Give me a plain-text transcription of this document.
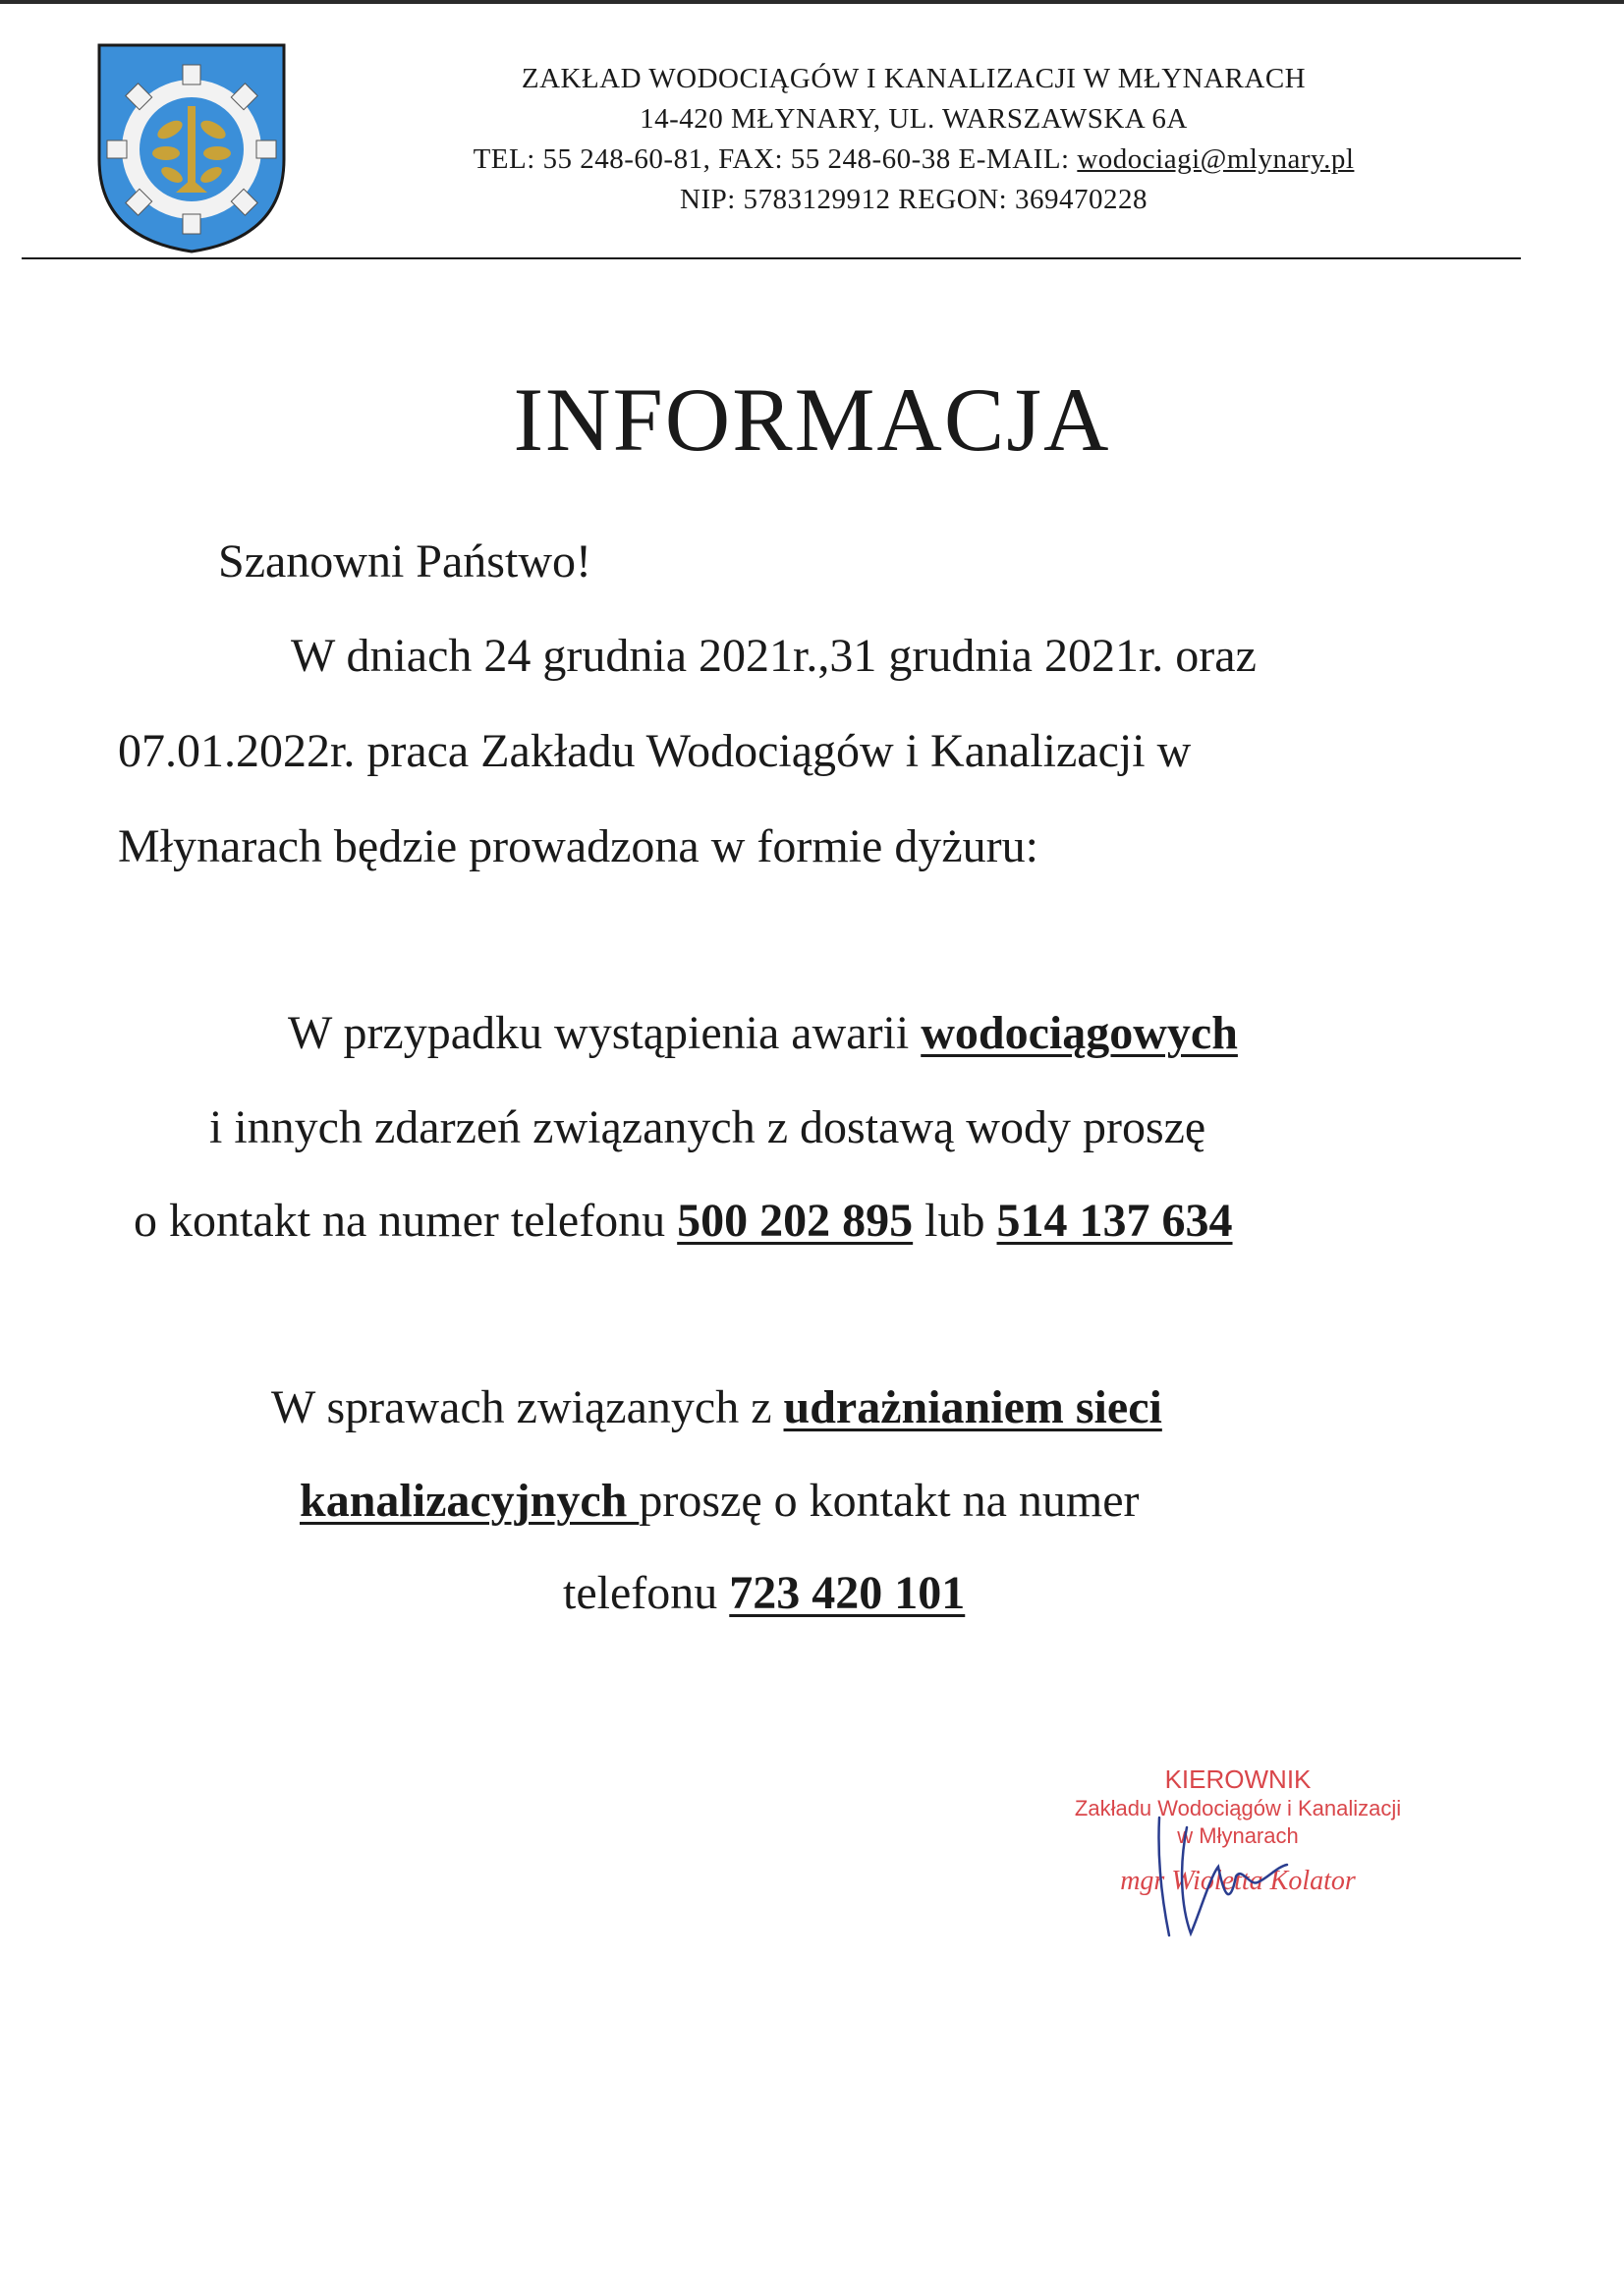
ZAKŁAD WODOCIĄGÓW I KANALIZACJI W MŁYNARACH
14-420 MŁYNARY, UL. WARSZAWSKA 6A
TEL: 55 248-60-81, FAX: 55 248-60-38 E-MAIL: wodociagi@mlynary.pl
NIP: 5783129912 REGON: 369470228
INFORMACJA
Szanowni Państwo!
W dniach 24 grudnia 2021r.,31 grudnia 2021r. oraz
07.01.2022r. praca Zakładu Wodociągów i Kanalizacji w
Młynarach będzie prowadzona w formie dyżuru:
W przypadku wystąpienia awarii wodociągowych
i innych zdarzeń związanych z dostawą wody proszę
o kontakt na numer telefonu 500 202 895 lub 514 137 634
W sprawach związanych z udrażnianiem sieci
kanalizacyjnych proszę o kontakt na numer
telefonu 723 420 101
KIEROWNIK
Zakładu Wodociągów i Kanalizacji
w Młynarach
mgr Wioletta Kolator
